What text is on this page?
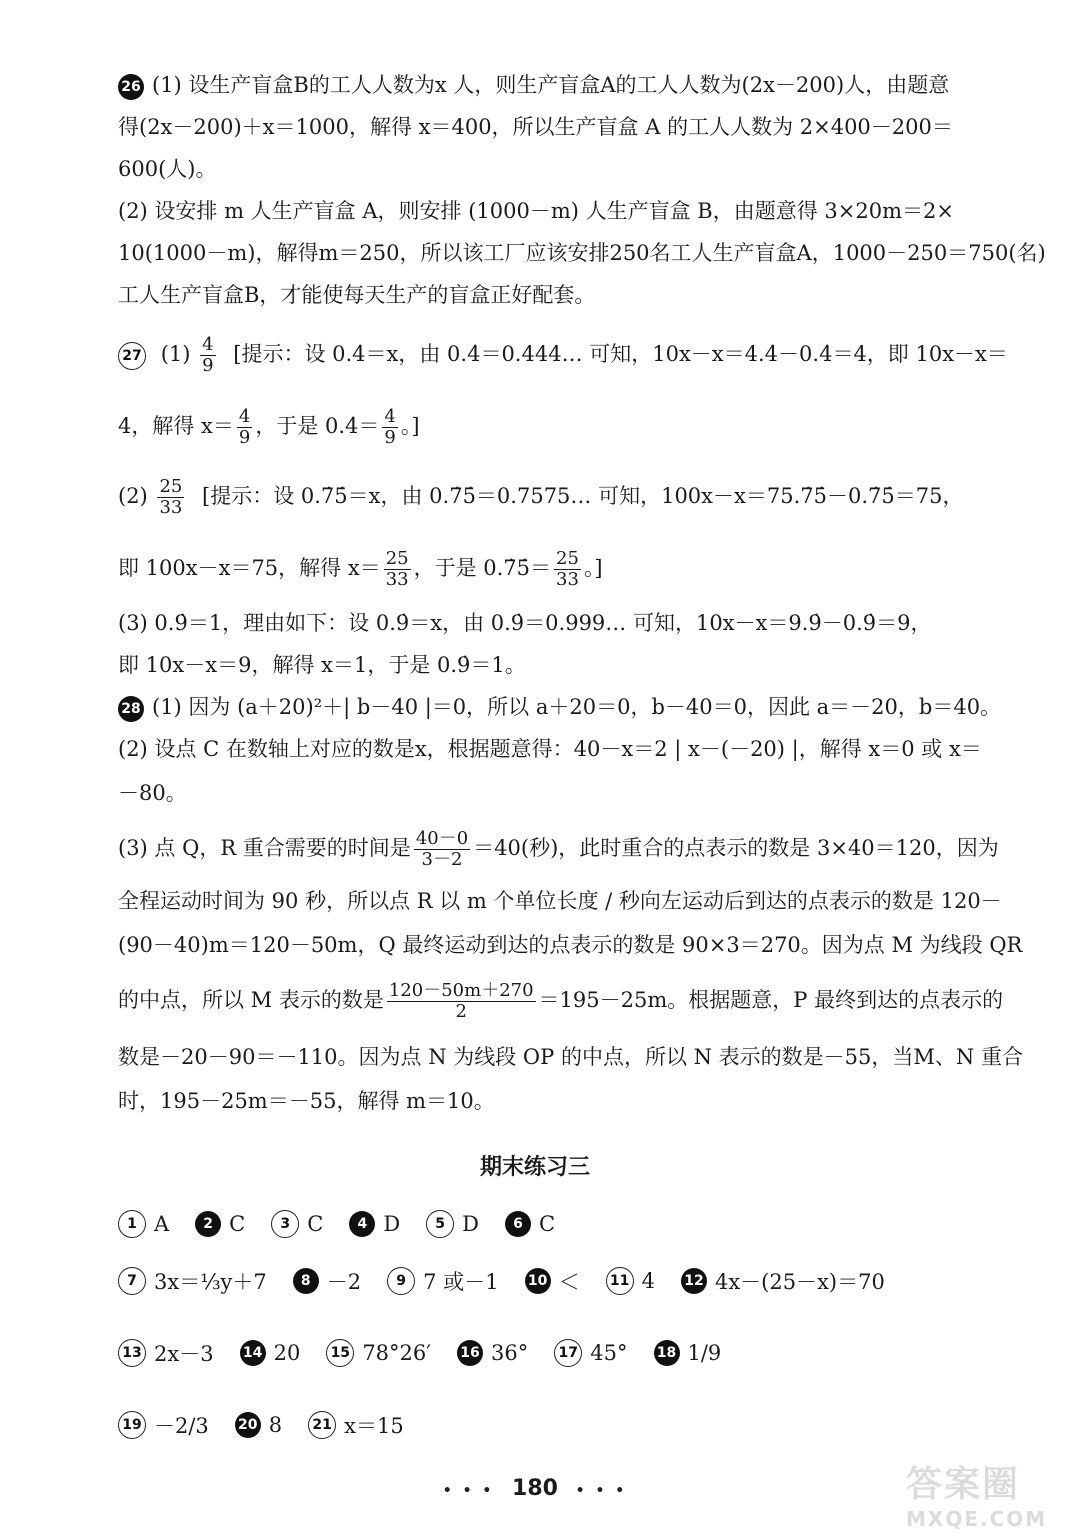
26 (1) 设生产盲盒B的工人人数为x 人，则生产盲盒A的工人人数为(2x－200)人，由题意
得(2x－200)＋x＝1000，解得 x＝400，所以生产盲盒 A 的工人人数为 2×400－200＝
600(人)。
(2) 设安排 m 人生产盲盒 A，则安排 (1000－m) 人生产盲盒 B，由题意得 3×20m＝2×
10(1000－m)，解得m＝250，所以该工厂应该安排250名工人生产盲盒A，1000－250＝750(名)
工人生产盲盒B，才能使每天生产的盲盒正好配套。
27 $(1) \frac{4}{9}$ [提示：设 0.4̇＝x，由 0.4̇＝0.444… 可知，10x－x＝4.4̇－0.4̇＝4，即 10x－x＝
4，解得 $x= \frac{4}{9}$ ，于是 0.4̇＝ $\frac{4}{9}$ 。]
$(2) \frac{25}{33}$ [提示：设 0.7̇5̇＝x，由 0.7̇5̇＝0.7575… 可知，100x－x＝75.7̇5̇－0.7̇5̇＝75，
即 100x－x＝75，解得 $x= \frac{25}{33}$ ，于是 0.7̇5̇＝ $\frac{25}{33}$ 。]
(3) 0.9̇＝1，理由如下：设 0.9̇＝x，由 0.9̇＝0.999… 可知，10x－x＝9.9̇－0.9̇＝9，
即 10x－x＝9，解得 x＝1，于是 0.9̇＝1。
28 (1) 因为 (a＋20)²＋| b－40 |＝0，所以 a＋20＝0，b－40＝0，因此 a＝－20，b＝40。
(2) 设点 C 在数轴上对应的数是x，根据题意得：40－x＝2 | x－(－20) |，解得 x＝0 或 x＝
－80。
(3) 点 Q，R 重合需要的时间是 $\frac{40-0}{3-2} =40$(秒)，此时重合的点表示的数是 3×40＝120，因为
全程运动时间为 90 秒，所以点 R 以 m 个单位长度 / 秒向左运动后到达的点表示的数是 120－
(90－40)m＝120－50m，Q 最终运动到达的点表示的数是 90×3＝270。因为点 M 为线段 QR
的中点，所以 M 表示的数是 $\frac{120-50m+270}{2} =195-25m$。根据题意，P 最终到达的点表示的
数是－20－90＝－110。因为点 N 为线段 OP 的中点，所以 N 表示的数是－55，当M、N 重合
时，195－25m＝－55，解得 m＝10。
期末练习三
1 A	2 C	3 C	4 D	5 D	6 C
7 3x＝⅓y＋7	8 －2	9 7 或－1 10 ＜	11 4 12 4x－(25－x)＝70
13 2x－3 14 20	15 78°26′ 16 36°	17 45° 18 1/9
19 －2/3 20 8	21 x＝15
• • • 180 • • •	答案圈
MXQE.COM
